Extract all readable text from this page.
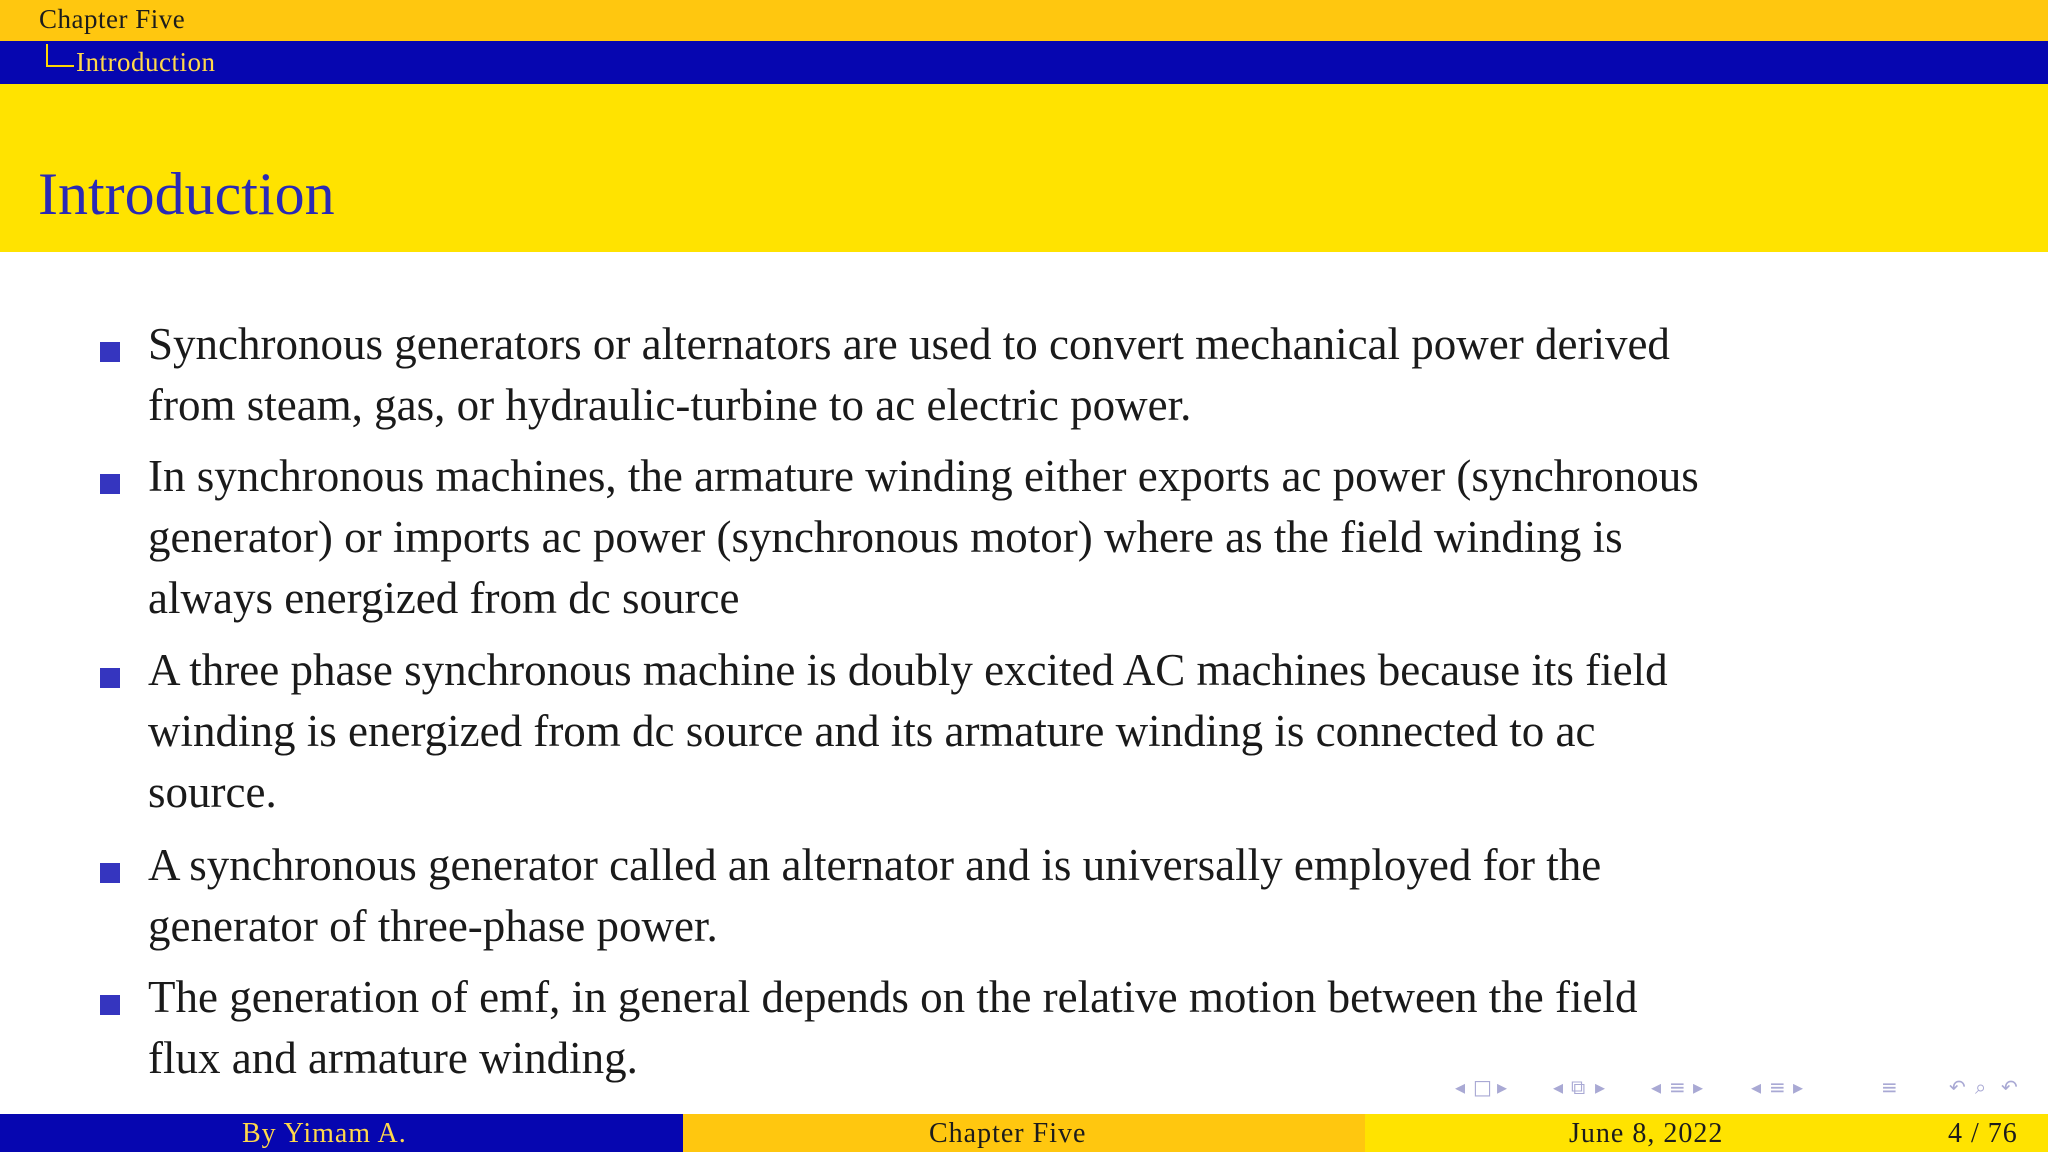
Chapter Five
Introduction
Introduction
Synchronous generators or alternators are used to convert mechanical power derived
from steam, gas, or hydraulic-turbine to ac electric power.
In synchronous machines, the armature winding either exports ac power (synchronous
generator) or imports ac power (synchronous motor) where as the field winding is
always energized from dc source
A three phase synchronous machine is doubly excited AC machines because its field
winding is energized from dc source and its armature winding is connected to ac
source.
A synchronous generator called an alternator and is universally employed for the
generator of three-phase power.
The generation of emf, in general depends on the relative motion between the field
flux and armature winding.
◂ □ ▸ ◂ ⧉ ▸ ◂ ≡ ▸ ◂ ≡ ▸	≡	↶ ⌕ ↶
By Yimam A.	Chapter Five	June 8, 2022	4 / 76
